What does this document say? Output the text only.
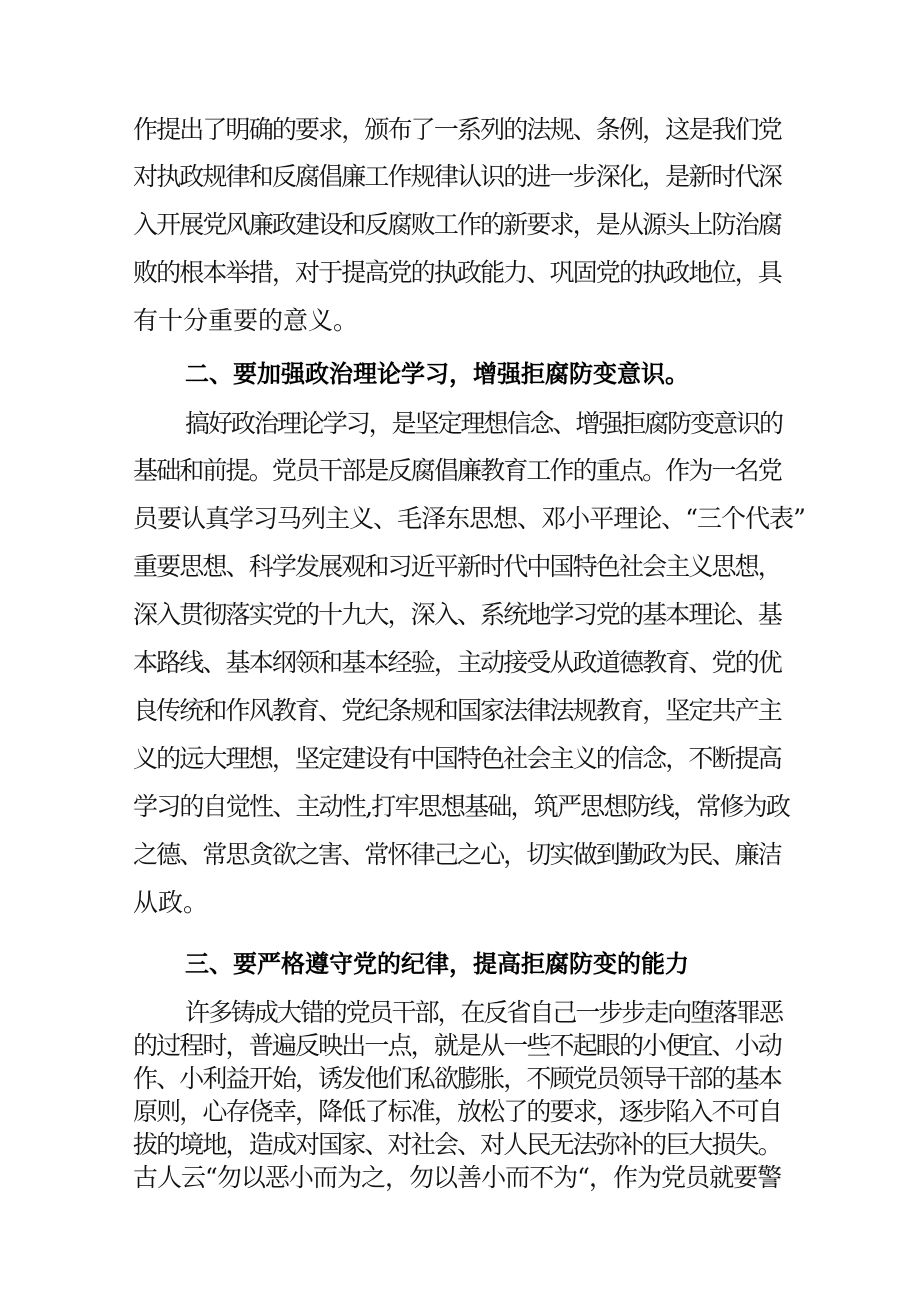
作提出了明确的要求，颁布了一系列的法规、条例，这是我们党
对执政规律和反腐倡廉工作规律认识的进一步深化，是新时代深
入开展党风廉政建设和反腐败工作的新要求，是从源头上防治腐
败的根本举措，对于提高党的执政能力、巩固党的执政地位，具
有十分重要的意义。
二、要加强政治理论学习，增强拒腐防变意识。
搞好政治理论学习，是坚定理想信念、增强拒腐防变意识的
基础和前提。党员干部是反腐倡廉教育工作的重点。作为一名党
员要认真学习马列主义、毛泽东思想、邓小平理论、“三个代表”
重要思想、科学发展观和习近平新时代中国特色社会主义思想，
深入贯彻落实党的十九大，深入、系统地学习党的基本理论、基
本路线、基本纲领和基本经验，主动接受从政道德教育、党的优
良传统和作风教育、党纪条规和国家法律法规教育，坚定共产主
义的远大理想，坚定建设有中国特色社会主义的信念，不断提高
学习的自觉性、主动性,打牢思想基础，筑严思想防线，常修为政
之德、常思贪欲之害、常怀律己之心，切实做到勤政为民、廉洁
从政。
三、要严格遵守党的纪律，提高拒腐防变的能力
许多铸成大错的党员干部，在反省自己一步步走向堕落罪恶
的过程时，普遍反映出一点，就是从一些不起眼的小便宜、小动
作、小利益开始，诱发他们私欲膨胀，不顾党员领导干部的基本
原则，心存侥幸，降低了标准，放松了的要求，逐步陷入不可自
拔的境地，造成对国家、对社会、对人民无法弥补的巨大损失。
古人云“勿以恶小而为之，勿以善小而不为“，作为党员就要警
